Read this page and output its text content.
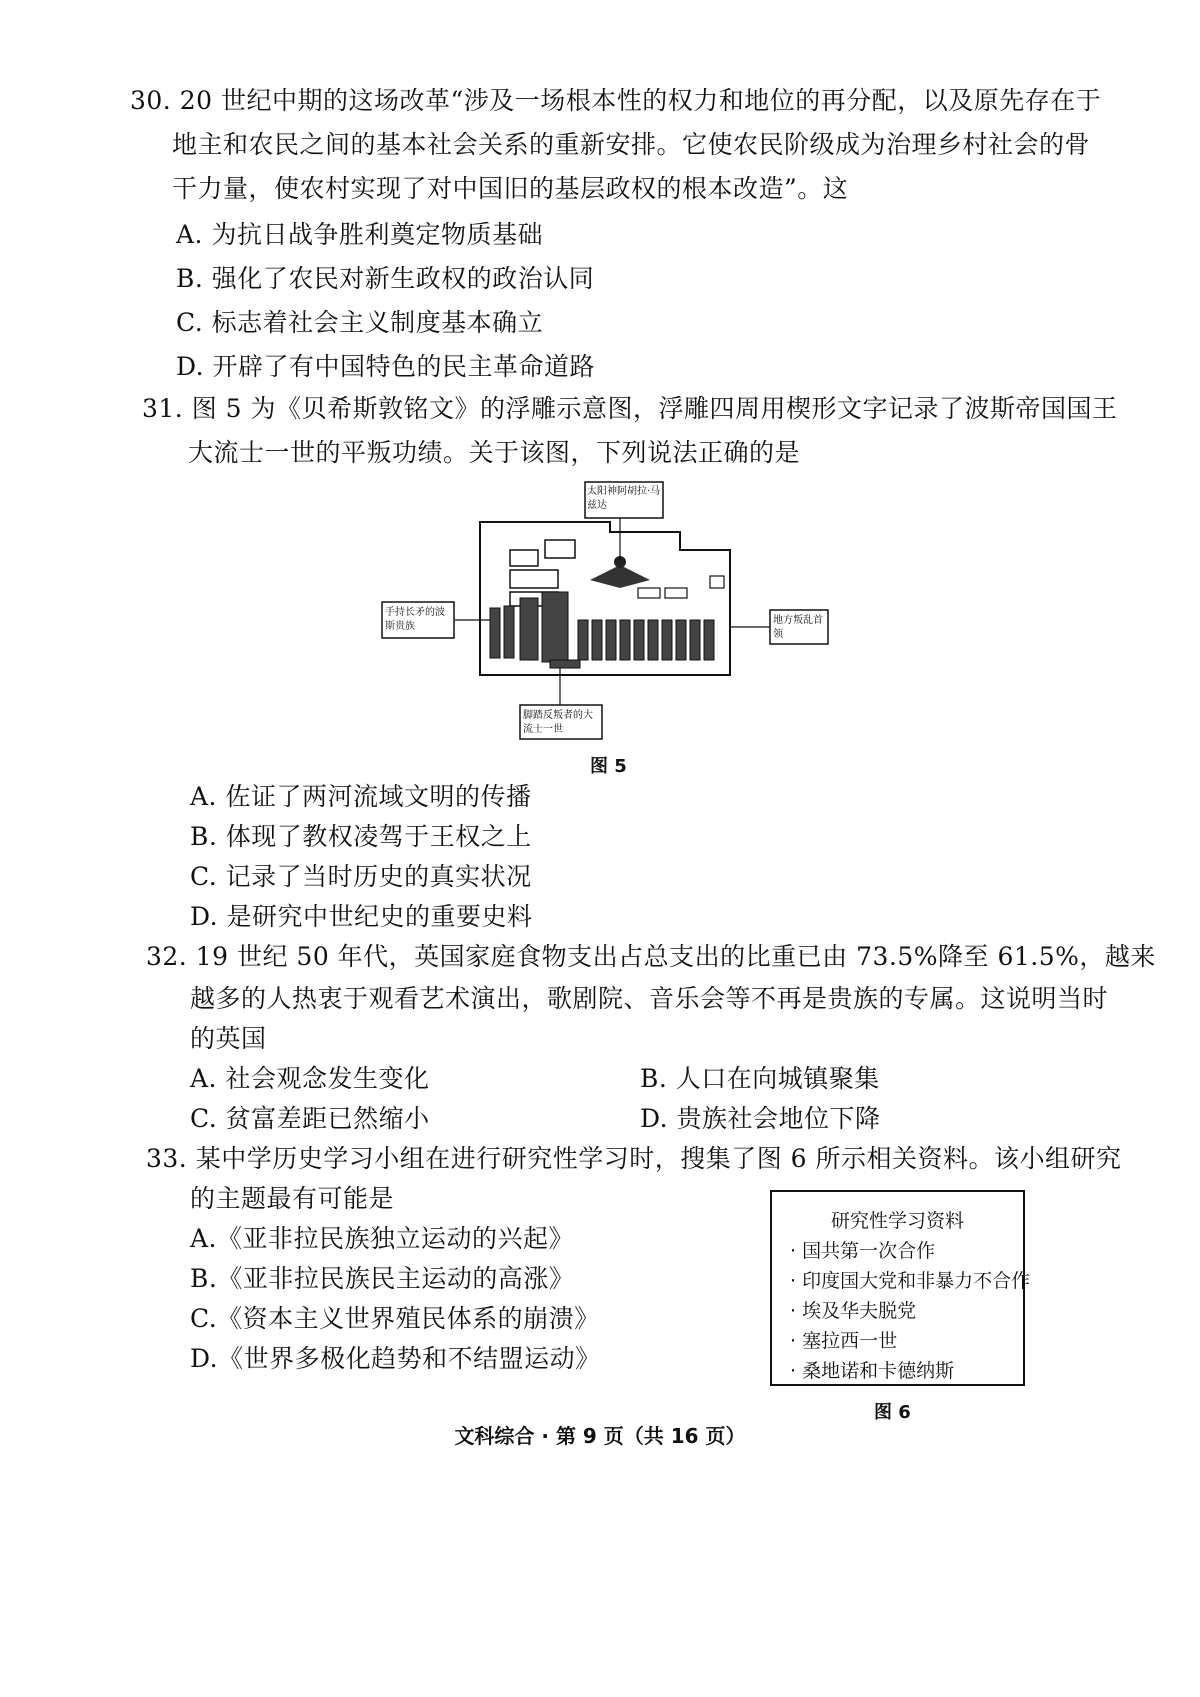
30. 20 世纪中期的这场改革“涉及一场根本性的权力和地位的再分配，以及原先存在于
地主和农民之间的基本社会关系的重新安排。它使农民阶级成为治理乡村社会的骨
干力量，使农村实现了对中国旧的基层政权的根本改造”。这
A. 为抗日战争胜利奠定物质基础
B. 强化了农民对新生政权的政治认同
C. 标志着社会主义制度基本确立
D. 开辟了有中国特色的民主革命道路
31. 图 5 为《贝希斯敦铭文》的浮雕示意图，浮雕四周用楔形文字记录了波斯帝国国王
大流士一世的平叛功绩。关于该图，下列说法正确的是
太阳神阿胡拉·马兹达
手持长矛的波斯贵族
地方叛乱首领
脚踏反叛者的大流士一世
图 5
A. 佐证了两河流域文明的传播
B. 体现了教权凌驾于王权之上
C. 记录了当时历史的真实状况
D. 是研究中世纪史的重要史料
32. 19 世纪 50 年代，英国家庭食物支出占总支出的比重已由 73.5%降至 61.5%，越来
越多的人热衷于观看艺术演出，歌剧院、音乐会等不再是贵族的专属。这说明当时
的英国
A. 社会观念发生变化	B. 人口在向城镇聚集
C. 贫富差距已然缩小	D. 贵族社会地位下降
33. 某中学历史学习小组在进行研究性学习时，搜集了图 6 所示相关资料。该小组研究
的主题最有可能是
A.《亚非拉民族独立运动的兴起》
B.《亚非拉民族民主运动的高涨》
C.《资本主义世界殖民体系的崩溃》
D.《世界多极化趋势和不结盟运动》
研究性学习资料
· 国共第一次合作
· 印度国大党和非暴力不合作
· 埃及华夫脱党
· 塞拉西一世
· 桑地诺和卡德纳斯
图 6
文科综合 · 第 9 页（共 16 页）
